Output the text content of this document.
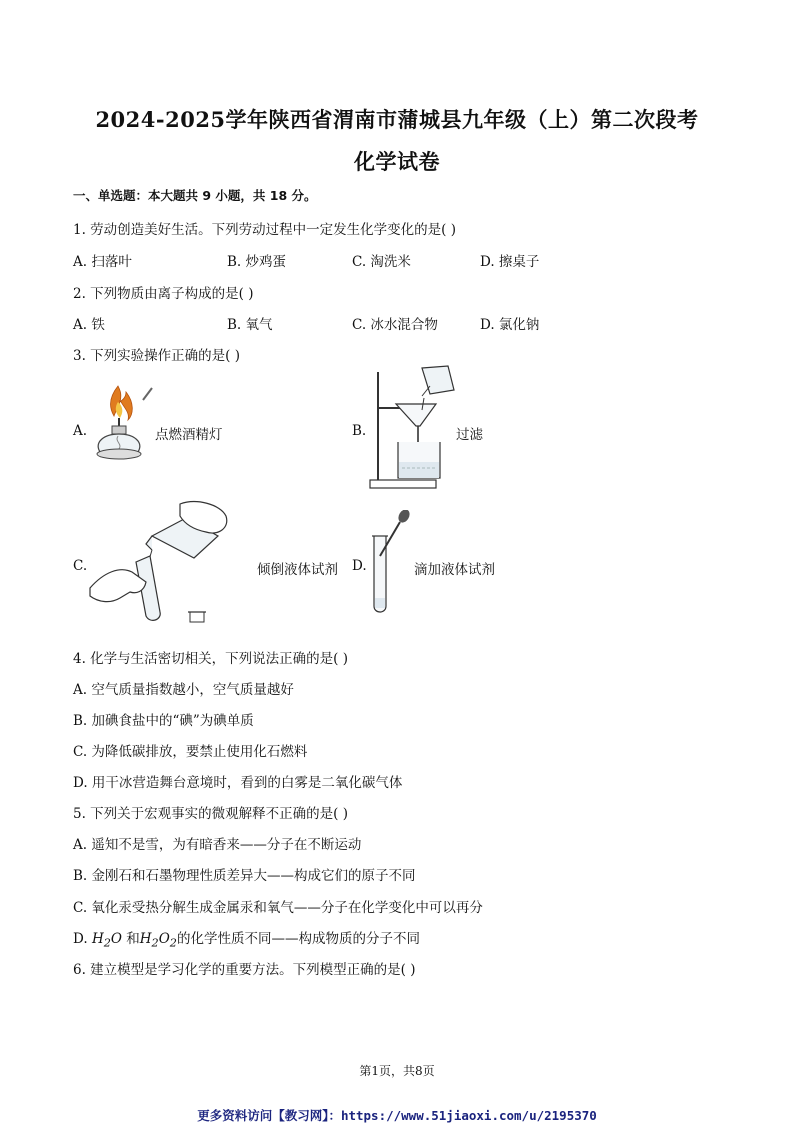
2024-2025学年陕西省渭南市蒲城县九年级（上）第二次段考
化学试卷
一、单选题：本大题共 9 小题，共 18 分。
1. 劳动创造美好生活。下列劳动过程中一定发生化学变化的是( )
A. 扫落叶	B. 炒鸡蛋	C. 淘洗米	D. 擦桌子
2. 下列物质由离子构成的是( )
A. 铁	B. 氧气	C. 冰水混合物	D. 氯化钠
3. 下列实验操作正确的是( )
A.	点燃酒精灯	B.	过滤
C.	倾倒液体试剂 D.	滴加液体试剂
4. 化学与生活密切相关，下列说法正确的是( )
A. 空气质量指数越小，空气质量越好
B. 加碘食盐中的“碘”为碘单质
C. 为降低碳排放，要禁止使用化石燃料
D. 用干冰营造舞台意境时，看到的白雾是二氧化碳气体
5. 下列关于宏观事实的微观解释不正确的是( )
A. 遥知不是雪，为有暗香来——分子在不断运动
B. 金刚石和石墨物理性质差异大——构成它们的原子不同
C. 氧化汞受热分解生成金属汞和氧气——分子在化学变化中可以再分
D. $H_2O$ 和$H_2O_2$的化学性质不同——构成物质的分子不同
6. 建立模型是学习化学的重要方法。下列模型正确的是( )
第1页，共8页
更多资料访问【教习网】：https://www.51jiaoxi.com/u/2195370
